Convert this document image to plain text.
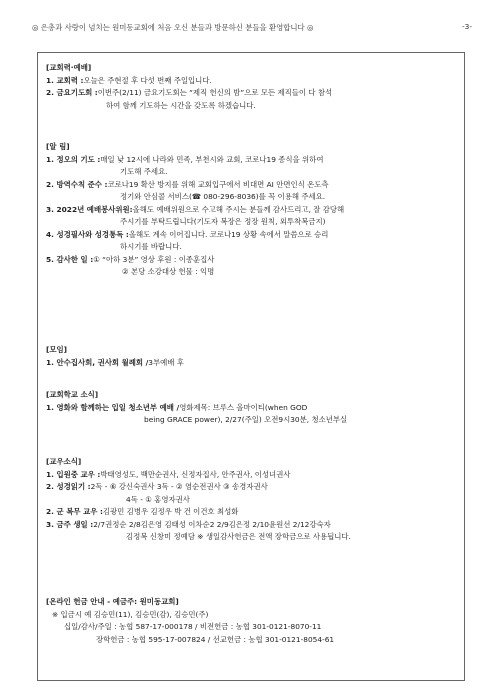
◎ 은총과 사랑이 넘치는 원미동교회에 처음 오신 분들과 방문하신 분들을 환영합니다 ◎	-3-
[교회력·예배]
1. 교회력 : 오늘은 주현절 후 다섯 번째 주일입니다.
2. 금요기도회 : 이번주(2/11) 금요기도회는 “제직 헌신의 밤”으로 모든 제직들이 다 참석
하여 함께 기도하는 시간을 갖도록 하겠습니다.
[알 림]
1. 정오의 기도 : 매일 낮 12시에 나라와 민족, 부천시와 교회, 코로나19 종식을 위하여
기도해 주세요.
2. 방역수칙 준수 : 코로나19 확산 방지를 위해 교회입구에서 비대면 AI 안면인식 온도측
정기와 안심콜 서비스(☎ 080-296-8036)를 꼭 이용해 주세요.
3. 2022년 예배봉사위원: 올해도 예배위원으로 수고해 주시는 분들께 감사드리고, 잘 감당해
주시기를 부탁드립니다(기도자 복장은 정장 원칙, 외투착복금지)
4. 성경필사와 성경통독 : 올해도 계속 이어집니다. 코로나19 상황 속에서 말씀으로 승리
하시기를 바랍니다.
5. 감사한 일 : ① “아하 3분” 영상 후원 : 이종훈집사
② 본당 소강대상 헌물 : 익명
[모임]
1. 안수집사회, 권사회 월례회 / 3부예배 후
[교회학교 소식]
1. 영화와 함께하는 입일 청소년부 예배 / 영화제목: 브루스 올마이티(when GOD
being GRACE power), 2/27(주일) 오전9시30분, 청소년부실
[교우소식]
1. 입원중 교우 : 박태영성도, 백만순권사, 신정자집사, 안주권사, 이성녀권사
2. 성경읽기 : 2독 - ⑥ 강신숙권사 3독 - ② 염순전권사 ③ 송경자권사
4독 - ① 홍영자권사
2. 군 복무 교우 : 김광민 김병우 김정우 박 건 이건호 최성화
3. 금주 생일 : 2/7권정순 2/8김은영 김태성 이차순2 2/9김은정 2/10윤원선 2/12강숙자
김정복 신창미 정예담 ※ 생일감사헌금은 전액 장학금으로 사용됩니다.
[온라인 헌금 안내 - 예금주: 원미동교회]
※ 입금시 예 김승민(11), 김승민(감), 김승민(주)
십일/감사/주일 : 농협 587-17-000178 / 비전헌금 : 농협 301-0121-8070-11
장학헌금 : 농협 595-17-007824 / 선교헌금 : 농협 301-0121-8054-61
